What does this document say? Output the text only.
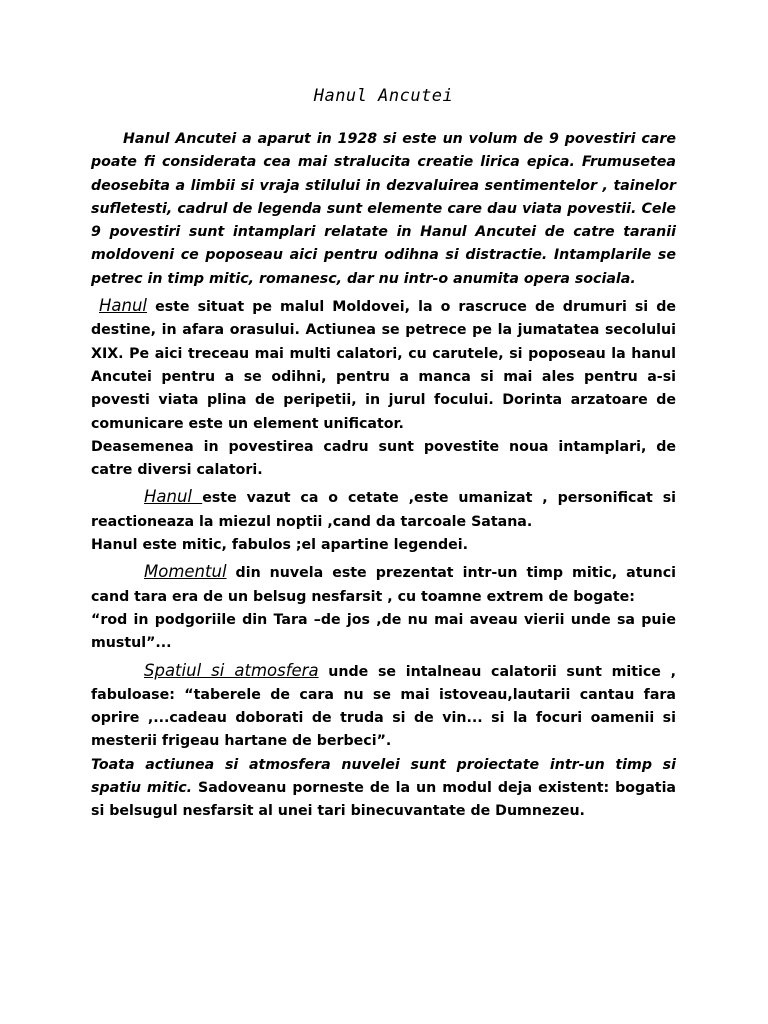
Hanul Ancutei

Hanul Ancutei a aparut in 1928 si este un volum de 9 povestiri care poate fi considerata cea mai stralucita creatie lirica epica. Frumusetea deosebita a limbii si vraja stilului in dezvaluirea sentimentelor , tainelor sufletesti, cadrul de legenda sunt elemente care dau viata povestii. Cele 9 povestiri sunt intamplari relatate in Hanul Ancutei de catre taranii moldoveni ce poposeau aici pentru odihna si distractie. Intamplarile se petrec in timp mitic, romanesc, dar nu intr-o anumita opera sociala.

Hanul este situat pe malul Moldovei, la o rascruce de drumuri si de destine, in afara orasului. Actiunea se petrece pe la jumatatea secolului XIX. Pe aici treceau mai multi calatori, cu carutele, si poposeau la hanul Ancutei pentru a se odihni, pentru a manca si mai ales pentru a-si povesti viata plina de peripetii, in jurul focului. Dorinta arzatoare de comunicare este un element unificator.

Deasemenea in povestirea cadru sunt povestite noua intamplari, de catre diversi calatori.

Hanul este vazut ca o cetate ,este umanizat , personificat si reactioneaza la miezul noptii ,cand da tarcoale Satana.

Hanul este mitic, fabulos ;el apartine legendei.

Momentul din nuvela este prezentat intr-un timp mitic, atunci cand tara era de un belsug nesfarsit , cu toamne extrem de bogate:

“rod in podgoriile din Tara –de jos ,de nu mai aveau vierii unde sa puie mustul”...

Spatiul si atmosfera unde se intalneau calatorii sunt mitice , fabuloase: “taberele de cara nu se mai istoveau,lautarii cantau fara oprire ,...cadeau doborati de truda si de vin... si la focuri oamenii si mesterii frigeau hartane de berbeci”.

Toata actiunea si atmosfera nuvelei sunt proiectate intr-un timp si spatiu mitic. Sadoveanu porneste de la un modul deja existent: bogatia si belsugul nesfarsit al unei tari binecuvantate de Dumnezeu.
